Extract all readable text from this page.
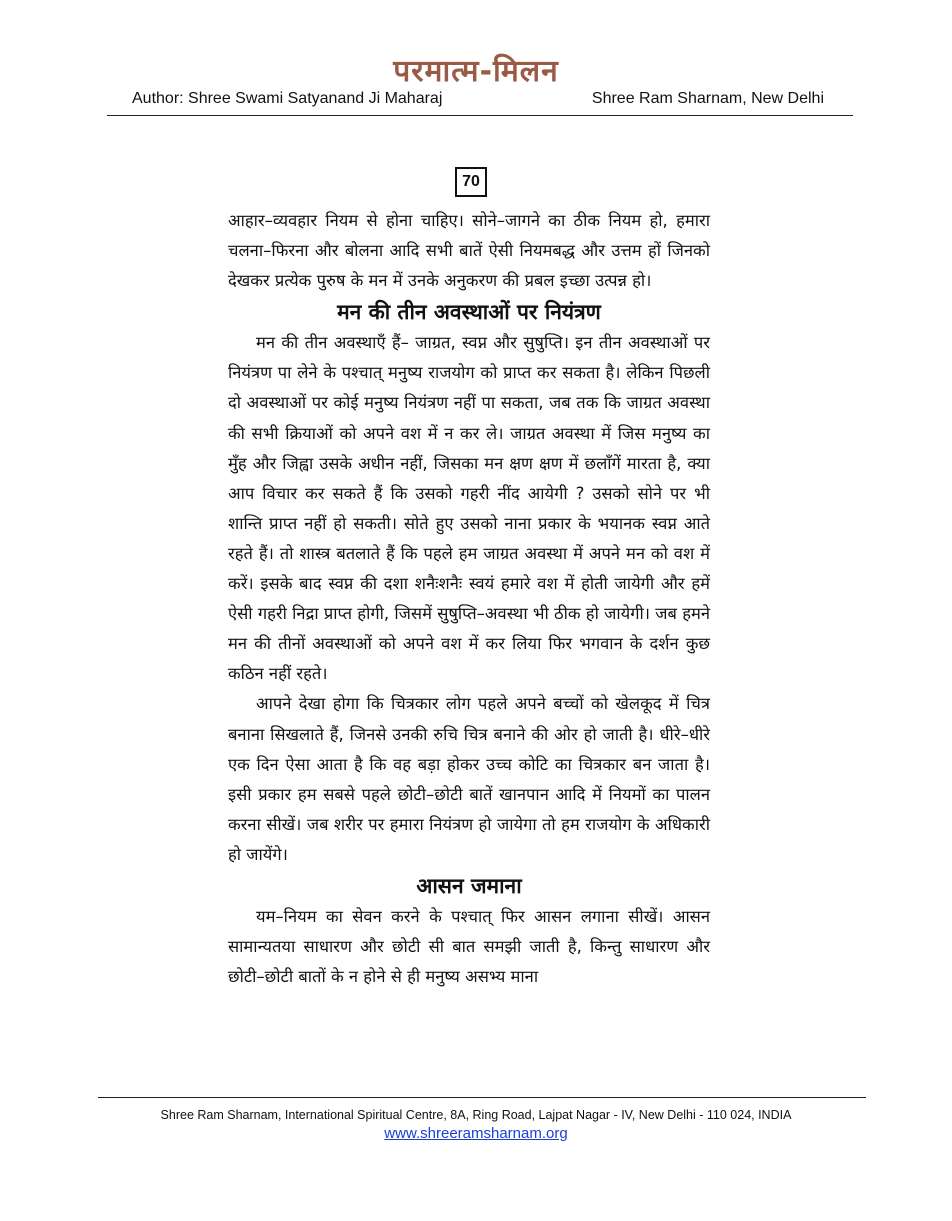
परमात्म-मिलन
Author: Shree Swami Satyanand Ji Maharaj	Shree Ram Sharnam, New Delhi
70

आहार–व्यवहार नियम से होना चाहिए। सोने–जागने का ठीक नियम हो, हमारा चलना–फिरना और बोलना आदि सभी बातें ऐसी नियमबद्ध और उत्तम हों जिनको देखकर प्रत्येक पुरुष के मन में उनके अनुकरण की प्रबल इच्छा उत्पन्न हो।

मन की तीन अवस्थाओं पर नियंत्रण

मन की तीन अवस्थाएँ हैं– जाग्रत, स्वप्न और सुषुप्ति। इन तीन अवस्थाओं पर नियंत्रण पा लेने के पश्चात् मनुष्य राजयोग को प्राप्त कर सकता है। लेकिन पिछली दो अवस्थाओं पर कोई मनुष्य नियंत्रण नहीं पा सकता, जब तक कि जाग्रत अवस्था की सभी क्रियाओं को अपने वश में न कर ले। जाग्रत अवस्था में जिस मनुष्य का मुँह और जिह्वा उसके अधीन नहीं, जिसका मन क्षण क्षण में छलाँगें मारता है, क्या आप विचार कर सकते हैं कि उसको गहरी नींद आयेगी ? उसको सोने पर भी शान्ति प्राप्त नहीं हो सकती। सोते हुए उसको नाना प्रकार के भयानक स्वप्न आते रहते हैं। तो शास्त्र बतलाते हैं कि पहले हम जाग्रत अवस्था में अपने मन को वश में करें। इसके बाद स्वप्न की दशा शनैःशनैः स्वयं हमारे वश में होती जायेगी और हमें ऐसी गहरी निद्रा प्राप्त होगी, जिसमें सुषुप्ति–अवस्था भी ठीक हो जायेगी। जब हमने मन की तीनों अवस्थाओं को अपने वश में कर लिया फिर भगवान के दर्शन कुछ कठिन नहीं रहते।

आपने देखा होगा कि चित्रकार लोग पहले अपने बच्चों को खेलकूद में चित्र बनाना सिखलाते हैं, जिनसे उनकी रुचि चित्र बनाने की ओर हो जाती है। धीरे–धीरे एक दिन ऐसा आता है कि वह बड़ा होकर उच्च कोटि का चित्रकार बन जाता है। इसी प्रकार हम सबसे पहले छोटी–छोटी बातें खानपान आदि में नियमों का पालन करना सीखें। जब शरीर पर हमारा नियंत्रण हो जायेगा तो हम राजयोग के अधिकारी हो जायेंगे।

आसन जमाना

यम–नियम का सेवन करने के पश्चात् फिर आसन लगाना सीखें। आसन सामान्यतया साधारण और छोटी सी बात समझी जाती है, किन्तु साधारण और छोटी–छोटी बातों के न होने से ही मनुष्य असभ्य माना

Shree Ram Sharnam, International Spiritual Centre, 8A, Ring Road, Lajpat Nagar - IV, New Delhi - 110 024, INDIA
www.shreeramsharnam.org
